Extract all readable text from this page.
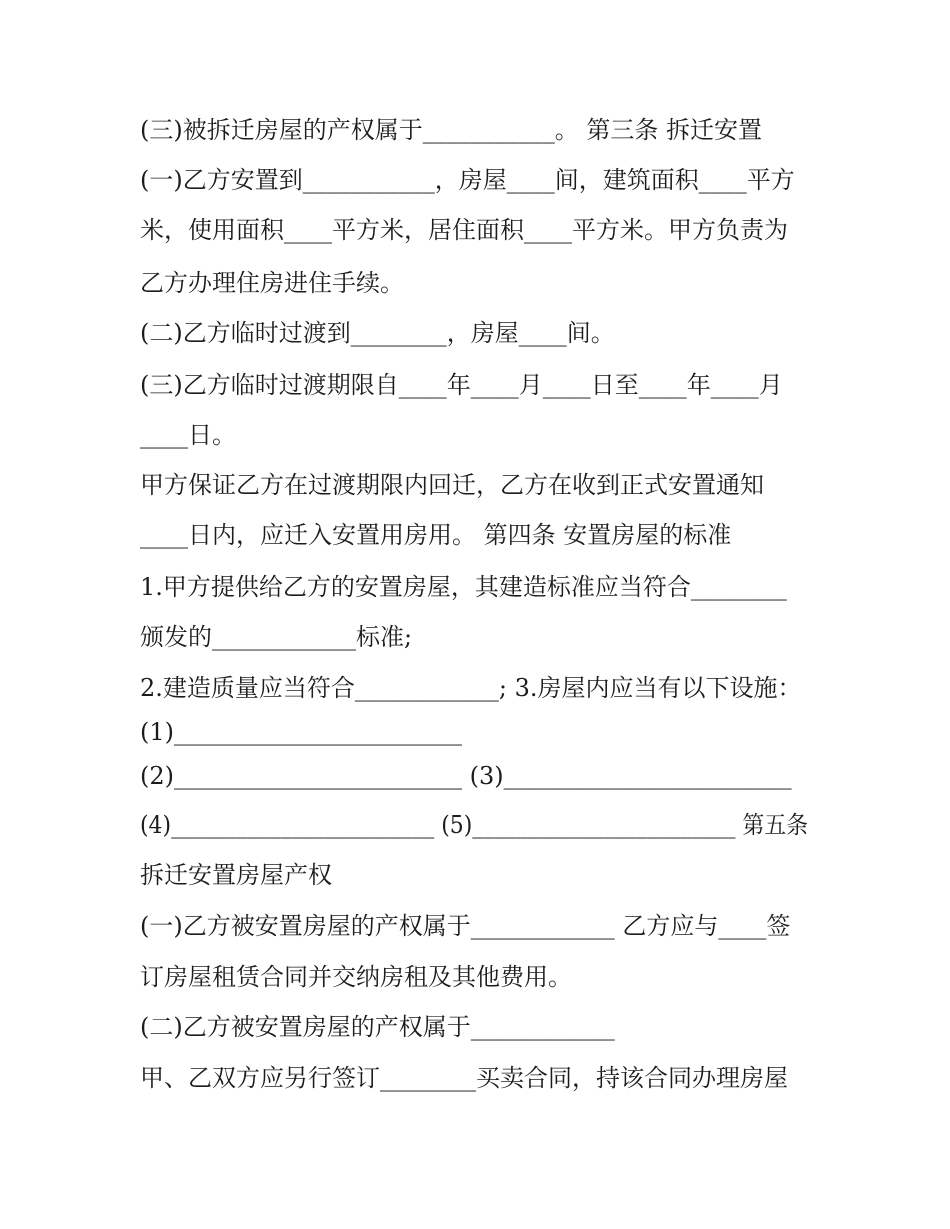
(三)被拆迁房屋的产权属于___________。 第三条 拆迁安置
(一)乙方安置到___________，房屋____间，建筑面积____平方
米，使用面积____平方米，居住面积____平方米。甲方负责为
乙方办理住房进住手续。
(二)乙方临时过渡到________，房屋____间。
(三)乙方临时过渡期限自____年____月____日至____年____月
____日。
甲方保证乙方在过渡期限内回迁，乙方在收到正式安置通知
____日内，应迁入安置用房用。 第四条 安置房屋的标准
1.甲方提供给乙方的安置房屋，其建造标准应当符合________
颁发的____________标准;
2.建造质量应当符合____________; 3.房屋内应当有以下设施：
(1)________________________
(2)________________________ (3)________________________
(4)________________________ (5)________________________ 第五条
拆迁安置房屋产权
(一)乙方被安置房屋的产权属于____________ 乙方应与____签
订房屋租赁合同并交纳房租及其他费用。
(二)乙方被安置房屋的产权属于____________
甲、乙双方应另行签订________买卖合同，持该合同办理房屋
